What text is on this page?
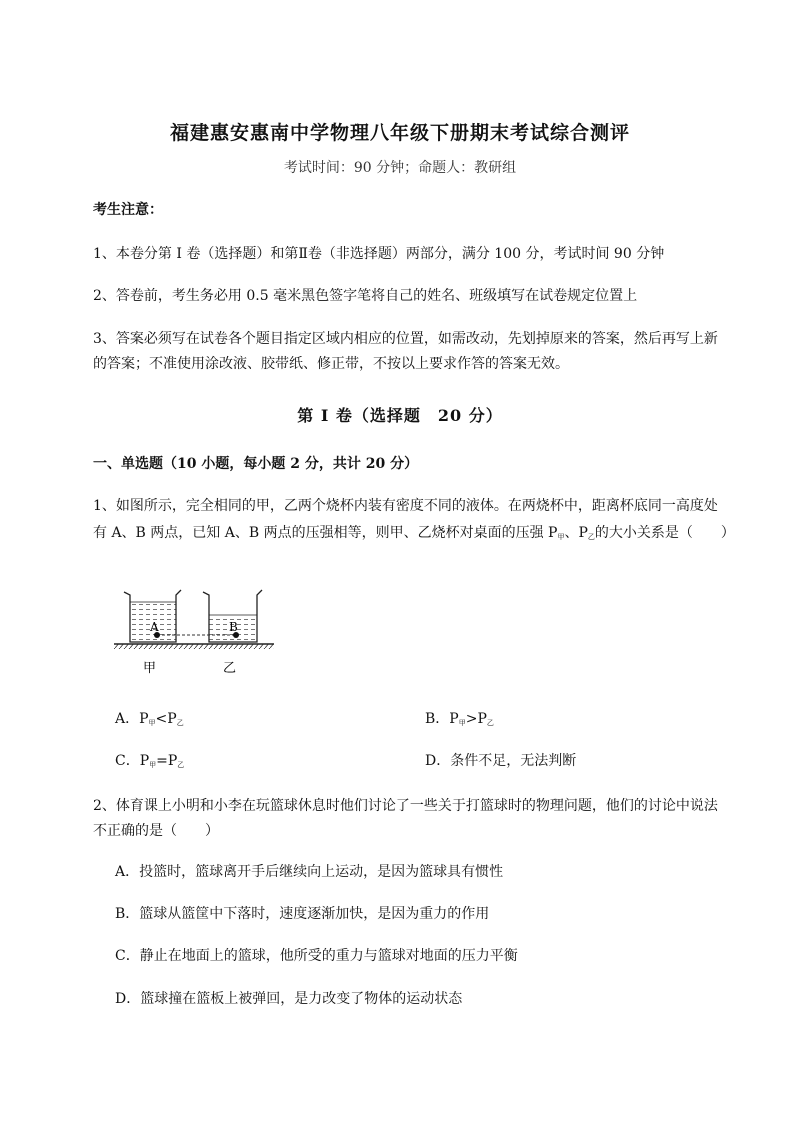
福建惠安惠南中学物理八年级下册期末考试综合测评
考试时间：90 分钟；命题人：教研组
考生注意：
1、本卷分第 I 卷（选择题）和第Ⅱ卷（非选择题）两部分，满分 100 分，考试时间 90 分钟
2、答卷前，考生务必用 0.5 毫米黑色签字笔将自己的姓名、班级填写在试卷规定位置上
3、答案必须写在试卷各个题目指定区域内相应的位置，如需改动，先划掉原来的答案，然后再写上新
的答案；不准使用涂改液、胶带纸、修正带，不按以上要求作答的答案无效。
第 I 卷（选择题　20 分）
一、单选题（10 小题，每小题 2 分，共计 20 分）
1、如图所示，完全相同的甲，乙两个烧杯内装有密度不同的液体。在两烧杯中，距离杯底同一高度处
有 A、B 两点，已知 A、B 两点的压强相等，则甲、乙烧杯对桌面的压强 $P_甲$、$P_乙$的大小关系是（　　）
A	B
甲	乙
A．$P_甲<P_乙$	B．$P_甲>P_乙$
C．$P_甲=P_乙$	D．条件不足，无法判断
2、体育课上小明和小李在玩篮球休息时他们讨论了一些关于打篮球时的物理问题，他们的讨论中说法
不正确的是（　　）
A．投篮时，篮球离开手后继续向上运动，是因为篮球具有惯性
B．篮球从篮筐中下落时，速度逐渐加快，是因为重力的作用
C．静止在地面上的篮球，他所受的重力与篮球对地面的压力平衡
D．篮球撞在篮板上被弹回，是力改变了物体的运动状态
